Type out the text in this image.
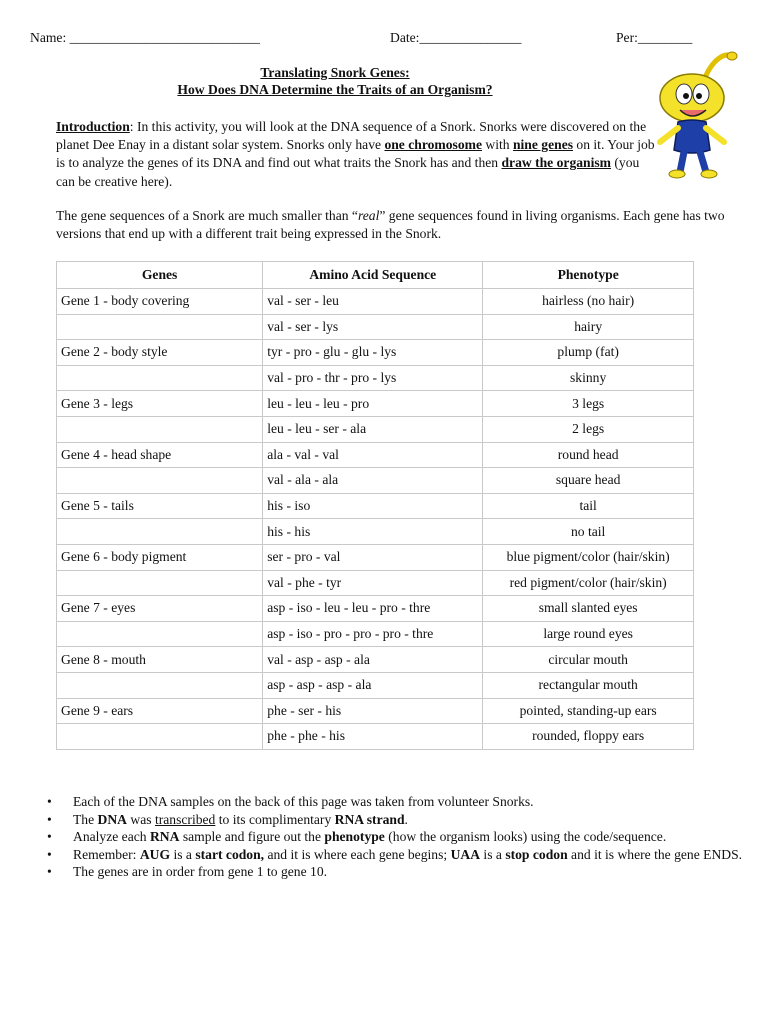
Name: ____________________________	Date:_______________	Per:________
Translating Snork Genes:
How Does DNA Determine the Traits of an Organism?
Introduction: In this activity, you will look at the DNA sequence of a Snork. Snorks were discovered on the planet Dee Enay in a distant solar system. Snorks only have one chromosome with nine genes on it. Your job is to analyze the genes of its DNA and find out what traits the Snork has and then draw the organism (you can be creative here).
The gene sequences of a Snork are much smaller than “real” gene sequences found in living organisms. Each gene has two versions that end up with a different trait being expressed in the Snork.
Genes	Amino Acid Sequence	Phenotype
Gene 1 - body covering	val - ser - leu	hairless (no hair)
	val - ser - lys	hairy
Gene 2 - body style	tyr - pro - glu - glu - lys	plump (fat)
	val - pro - thr - pro - lys	skinny
Gene 3 - legs	leu - leu - leu - pro	3 legs
	leu - leu - ser - ala	2 legs
Gene 4 - head shape	ala - val - val	round head
	val - ala - ala	square head
Gene 5 - tails	his - iso	tail
	his - his	no tail
Gene 6 - body pigment	ser - pro - val	blue pigment/color (hair/skin)
	val - phe - tyr	red pigment/color (hair/skin)
Gene 7 - eyes	asp - iso - leu - leu - pro - thre	small slanted eyes
	asp - iso - pro - pro - pro - thre	large round eyes
Gene 8 - mouth	val - asp - asp - ala	circular mouth
	asp - asp - asp - ala	rectangular mouth
Gene 9 - ears	phe - ser - his	pointed, standing-up ears
	phe - phe - his	rounded, floppy ears
• Each of the DNA samples on the back of this page was taken from volunteer Snorks.
• The DNA was transcribed to its complimentary RNA strand.
• Analyze each RNA sample and figure out the phenotype (how the organism looks) using the code/sequence.
• Remember: AUG is a start codon, and it is where each gene begins; UAA is a stop codon and it is where the gene ENDS.
• The genes are in order from gene 1 to gene 10.
